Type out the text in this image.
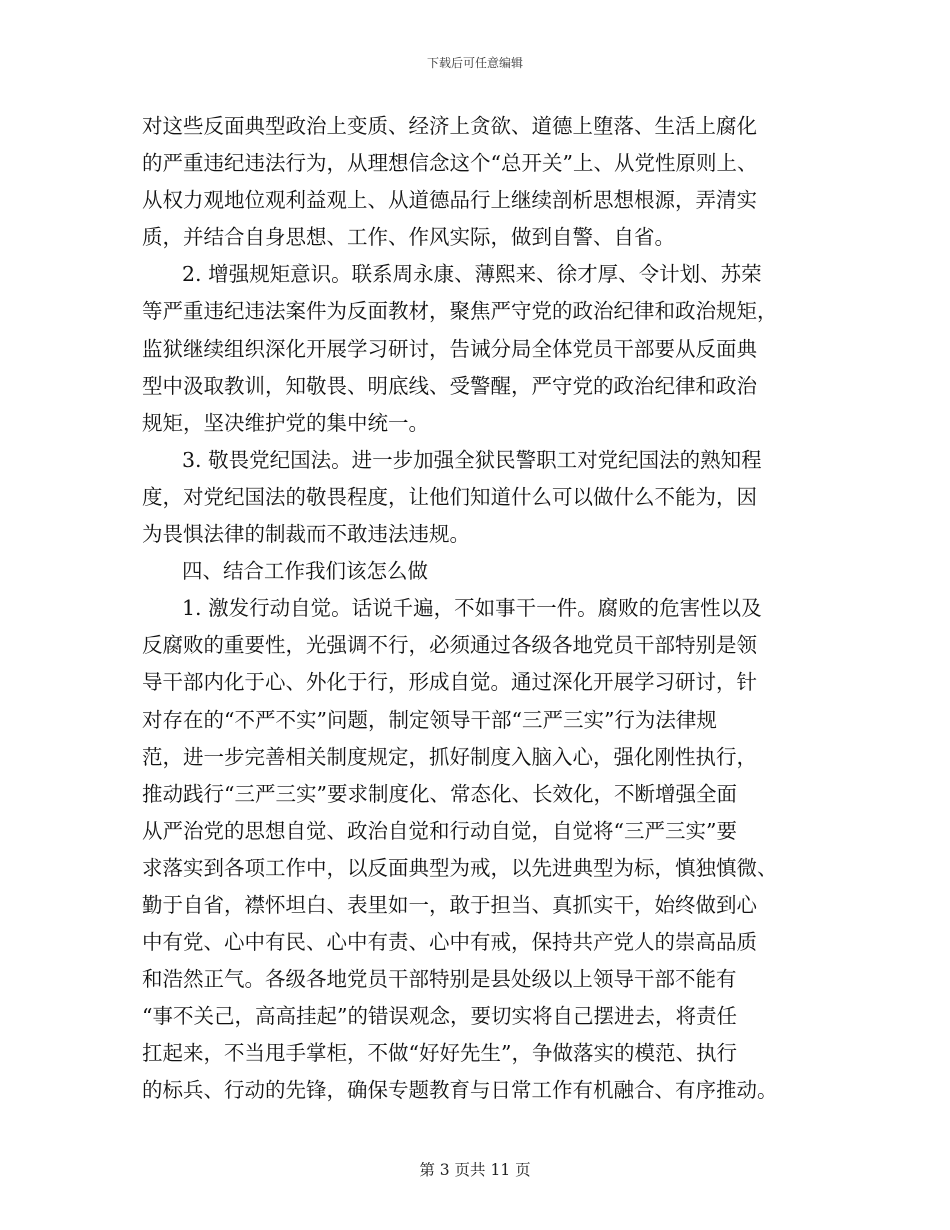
下载后可任意编辑
对这些反面典型政治上变质、经济上贪欲、道德上堕落、生活上腐化
的严重违纪违法行为，从理想信念这个“总开关”上、从党性原则上、
从权力观地位观利益观上、从道德品行上继续剖析思想根源，弄清实
质，并结合自身思想、工作、作风实际，做到自警、自省。
2. 增强规矩意识。联系周永康、薄熙来、徐才厚、令计划、苏荣
等严重违纪违法案件为反面教材，聚焦严守党的政治纪律和政治规矩，
监狱继续组织深化开展学习研讨，告诫分局全体党员干部要从反面典
型中汲取教训，知敬畏、明底线、受警醒，严守党的政治纪律和政治
规矩，坚决维护党的集中统一。
3. 敬畏党纪国法。进一步加强全狱民警职工对党纪国法的熟知程
度，对党纪国法的敬畏程度，让他们知道什么可以做什么不能为，因
为畏惧法律的制裁而不敢违法违规。
四、结合工作我们该怎么做
1. 激发行动自觉。话说千遍，不如事干一件。腐败的危害性以及
反腐败的重要性，光强调不行，必须通过各级各地党员干部特别是领
导干部内化于心、外化于行，形成自觉。通过深化开展学习研讨，针
对存在的“不严不实”问题，制定领导干部“三严三实”行为法律规
范，进一步完善相关制度规定，抓好制度入脑入心，强化刚性执行，
推动践行“三严三实”要求制度化、常态化、长效化，不断增强全面
从严治党的思想自觉、政治自觉和行动自觉，自觉将“三严三实”要
求落实到各项工作中，以反面典型为戒，以先进典型为标，慎独慎微、
勤于自省，襟怀坦白、表里如一，敢于担当、真抓实干，始终做到心
中有党、心中有民、心中有责、心中有戒，保持共产党人的崇高品质
和浩然正气。各级各地党员干部特别是县处级以上领导干部不能有
“事不关己，高高挂起”的错误观念，要切实将自己摆进去，将责任
扛起来，不当甩手掌柜，不做“好好先生”，争做落实的模范、执行
的标兵、行动的先锋，确保专题教育与日常工作有机融合、有序推动。
第 3 页共 11 页
